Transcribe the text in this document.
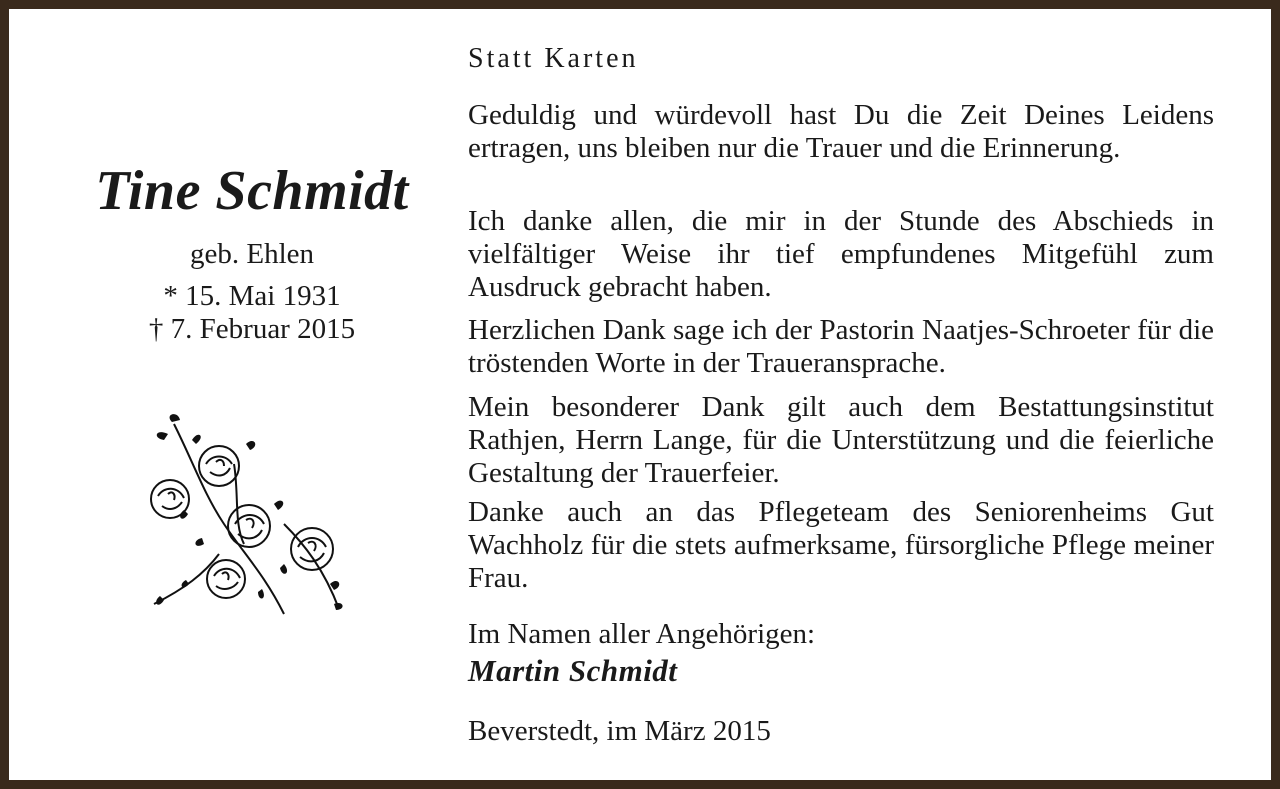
Tine Schmidt
geb. Ehlen
* 15. Mai 1931
† 7. Februar 2015
Statt Karten
Geduldig und würdevoll hast Du die Zeit Deines Leidens ertragen, uns bleiben nur die Trauer und die Erinnerung.
Ich danke allen, die mir in der Stunde des Abschieds in vielfältiger Weise ihr tief empfundenes Mitgefühl zum Ausdruck gebracht haben.
Herzlichen Dank sage ich der Pastorin Naatjes-Schroeter für die tröstenden Worte in der Traueransprache.
Mein besonderer Dank gilt auch dem Bestattungsinstitut Rathjen, Herrn Lange, für die Unterstützung und die feierliche Gestaltung der Trauerfeier.
Danke auch an das Pflegeteam des Seniorenheims Gut Wachholz für die stets aufmerksame, fürsorgliche Pflege meiner Frau.
Im Namen aller Angehörigen:
Martin Schmidt
Beverstedt, im März 2015
